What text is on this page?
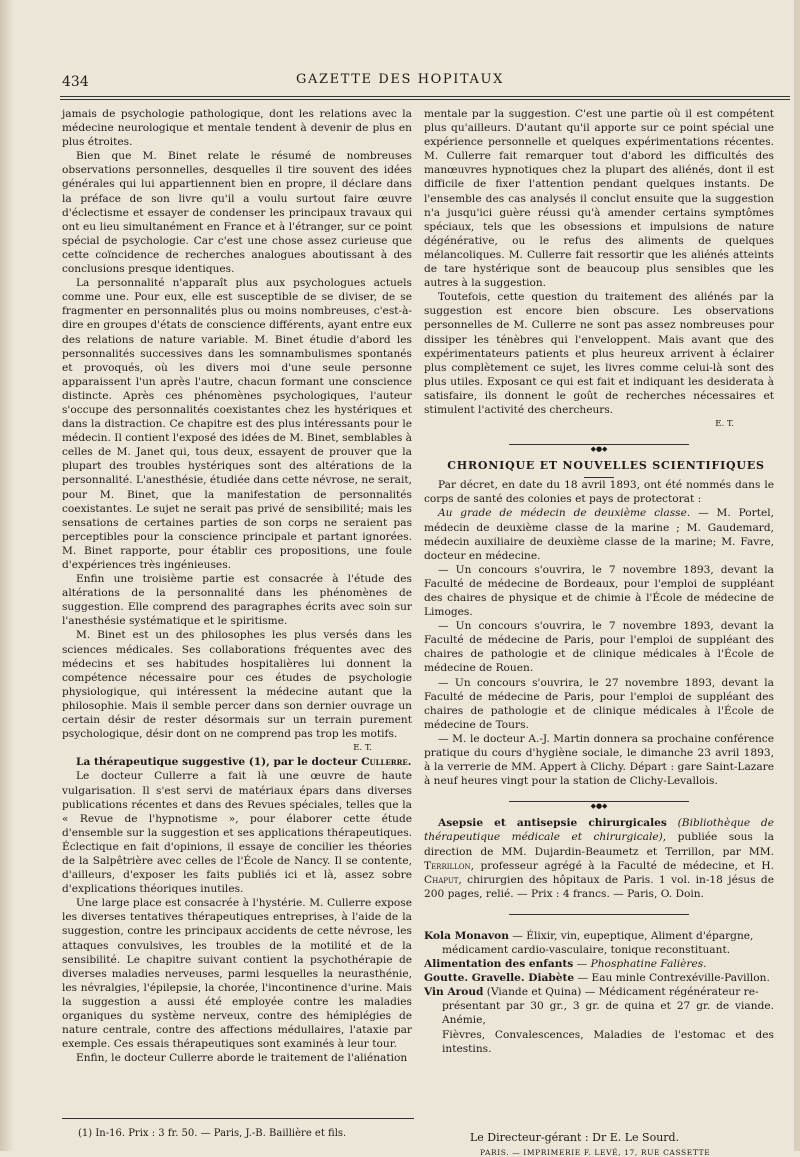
434	GAZETTE DES HOPITAUX

jamais de psychologie pathologique, dont les relations avec la médecine neurologique et mentale tendent à devenir de plus en plus étroites.

Bien que M. Binet relate le résumé de nombreuses observations personnelles, desquelles il tire souvent des idées générales qui lui appartiennent bien en propre, il déclare dans la préface de son livre qu'il a voulu surtout faire œuvre d'éclectisme et essayer de condenser les principaux travaux qui ont eu lieu simultanément en France et à l'étranger, sur ce point spécial de psychologie. Car c'est une chose assez curieuse que cette coïncidence de recherches analogues aboutissant à des conclusions presque identiques.

La personnalité n'apparaît plus aux psychologues actuels comme une. Pour eux, elle est susceptible de se diviser, de se fragmenter en personnalités plus ou moins nombreuses, c'est-à-dire en groupes d'états de conscience différents, ayant entre eux des relations de nature variable. M. Binet étudie d'abord les personnalités successives dans les somnambulismes spontanés et provoqués, où les divers moi d'une seule personne apparaissent l'un après l'autre, chacun formant une conscience distincte. Après ces phénomènes psychologiques, l'auteur s'occupe des personnalités coexistantes chez les hystériques et dans la distraction. Ce chapitre est des plus intéressants pour le médecin. Il contient l'exposé des idées de M. Binet, semblables à celles de M. Janet qui, tous deux, essayent de prouver que la plupart des troubles hystériques sont des altérations de la personnalité. L'anesthésie, étudiée dans cette névrose, ne serait, pour M. Binet, que la manifestation de personnalités coexistantes. Le sujet ne serait pas privé de sensibilité; mais les sensations de certaines parties de son corps ne seraient pas perceptibles pour la conscience principale et partant ignorées. M. Binet rapporte, pour établir ces propositions, une foule d'expériences très ingénieuses.

Enfin une troisième partie est consacrée à l'étude des altérations de la personnalité dans les phénomènes de suggestion. Elle comprend des paragraphes écrits avec soin sur l'anesthésie systématique et le spiritisme.

M. Binet est un des philosophes les plus versés dans les sciences médicales. Ses collaborations fréquentes avec des médecins et ses habitudes hospitalières lui donnent la compétence nécessaire pour ces études de psychologie physiologique, qui intéressent la médecine autant que la philosophie. Mais il semble percer dans son dernier ouvrage un certain désir de rester désormais sur un terrain purement psychologique, désir dont on ne comprend pas trop les motifs.

E. T.

La thérapeutique suggestive (1), par le docteur Cullerre.

Le docteur Cullerre a fait là une œuvre de haute vulgarisation. Il s'est servi de matériaux épars dans diverses publications récentes et dans des Revues spéciales, telles que la « Revue de l'hypnotisme », pour élaborer cette étude d'ensemble sur la suggestion et ses applications thérapeutiques. Éclectique en fait d'opinions, il essaye de concilier les théories de la Salpêtrière avec celles de l'École de Nancy. Il se contente, d'ailleurs, d'exposer les faits publiés ici et là, assez sobre d'explications théoriques inutiles.

Une large place est consacrée à l'hystérie. M. Cullerre expose les diverses tentatives thérapeutiques entreprises, à l'aide de la suggestion, contre les principaux accidents de cette névrose, les attaques convulsives, les troubles de la motilité et de la sensibilité. Le chapitre suivant contient la psychothérapie de diverses maladies nerveuses, parmi lesquelles la neurasthénie, les névralgies, l'épilepsie, la chorée, l'incontinence d'urine. Mais la suggestion a aussi été employée contre les maladies organiques du système nerveux, contre des hémiplégies de nature centrale, contre des affections médullaires, l'ataxie par exemple. Ces essais thérapeutiques sont examinés à leur tour.

Enfin, le docteur Cullerre aborde le traitement de l'aliénation

mentale par la suggestion. C'est une partie où il est compétent plus qu'ailleurs. D'autant qu'il apporte sur ce point spécial une expérience personnelle et quelques expérimentations récentes. M. Cullerre fait remarquer tout d'abord les difficultés des manœuvres hypnotiques chez la plupart des aliénés, dont il est difficile de fixer l'attention pendant quelques instants. De l'ensemble des cas analysés il conclut ensuite que la suggestion n'a jusqu'ici guère réussi qu'à amender certains symptômes spéciaux, tels que les obsessions et impulsions de nature dégénérative, ou le refus des aliments de quelques mélancoliques. M. Cullerre fait ressortir que les aliénés atteints de tare hystérique sont de beaucoup plus sensibles que les autres à la suggestion.

Toutefois, cette question du traitement des aliénés par la suggestion est encore bien obscure. Les observations personnelles de M. Cullerre ne sont pas assez nombreuses pour dissiper les ténèbres qui l'enveloppent. Mais avant que des expérimentateurs patients et plus heureux arrivent à éclairer plus complètement ce sujet, les livres comme celui-là sont des plus utiles. Exposant ce qui est fait et indiquant les desiderata à satisfaire, ils donnent le goût de recherches nécessaires et stimulent l'activité des chercheurs.

E. T.
◆●◆

CHRONIQUE ET NOUVELLES SCIENTIFIQUES

Par décret, en date du 18 avril 1893, ont été nommés dans le corps de santé des colonies et pays de protectorat :

Au grade de médecin de deuxième classe. — M. Portel, médecin de deuxième classe de la marine ; M. Gaudemard, médecin auxiliaire de deuxième classe de la marine; M. Favre, docteur en médecine.

— Un concours s'ouvrira, le 7 novembre 1893, devant la Faculté de médecine de Bordeaux, pour l'emploi de suppléant des chaires de physique et de chimie à l'École de médecine de Limoges.

— Un concours s'ouvrira, le 7 novembre 1893, devant la Faculté de médecine de Paris, pour l'emploi de suppléant des chaires de pathologie et de clinique médicales à l'École de médecine de Rouen.

— Un concours s'ouvrira, le 27 novembre 1893, devant la Faculté de médecine de Paris, pour l'emploi de suppléant des chaires de pathologie et de clinique médicales à l'École de médecine de Tours.

— M. le docteur A.-J. Martin donnera sa prochaine conférence pratique du cours d'hygiène sociale, le dimanche 23 avril 1893, à la verrerie de MM. Appert à Clichy. Départ : gare Saint-Lazare à neuf heures vingt pour la station de Clichy-Levallois.

◆●◆

Asepsie et antisepsie chirurgicales (Bibliothèque de thérapeutique médicale et chirurgicale), publiée sous la direction de MM. Dujardin-Beaumetz et Terrillon, par MM. Terrillon, professeur agrégé à la Faculté de médecine, et H. Chaput, chirurgien des hôpitaux de Paris. 1 vol. in-18 jésus de 200 pages, relié. — Prix : 4 francs. — Paris, O. Doin.

Kola Monavon — Élixir, vin, eupeptique, Aliment d'épargne,

médicament cardio-vasculaire, tonique reconstituant.

Alimentation des enfants — Phosphatine Falières.

Goutte. Gravelle. Diabète — Eau minle Contrexéville-Pavillon.

Vin Aroud (Viande et Quina) — Médicament régénérateur re-

présentant par 30 gr., 3 gr. de quina et 27 gr. de viande. Anémie,

Fièvres, Convalescences, Maladies de l'estomac et des intestins.

(1) In-16. Prix : 3 fr. 50. — Paris, J.-B. Baillière et fils.	Le Directeur-gérant : Dr E. Le Sourd.
PARIS. — IMPRIMERIE F. LEVÉ, 17, RUE CASSETTE
